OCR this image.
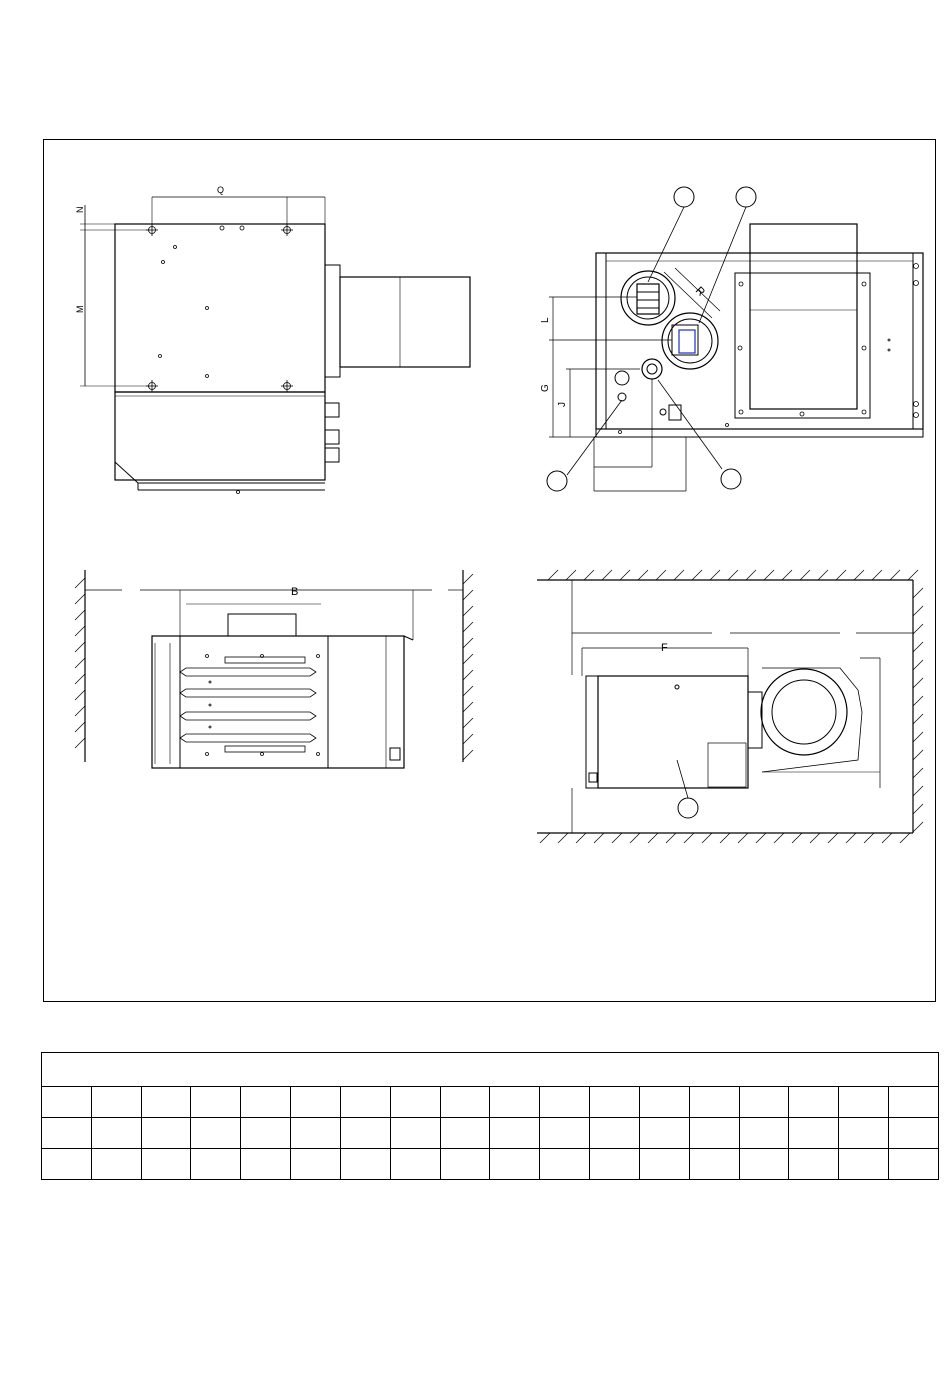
Q
N
M
L
G
J
R
B
F
